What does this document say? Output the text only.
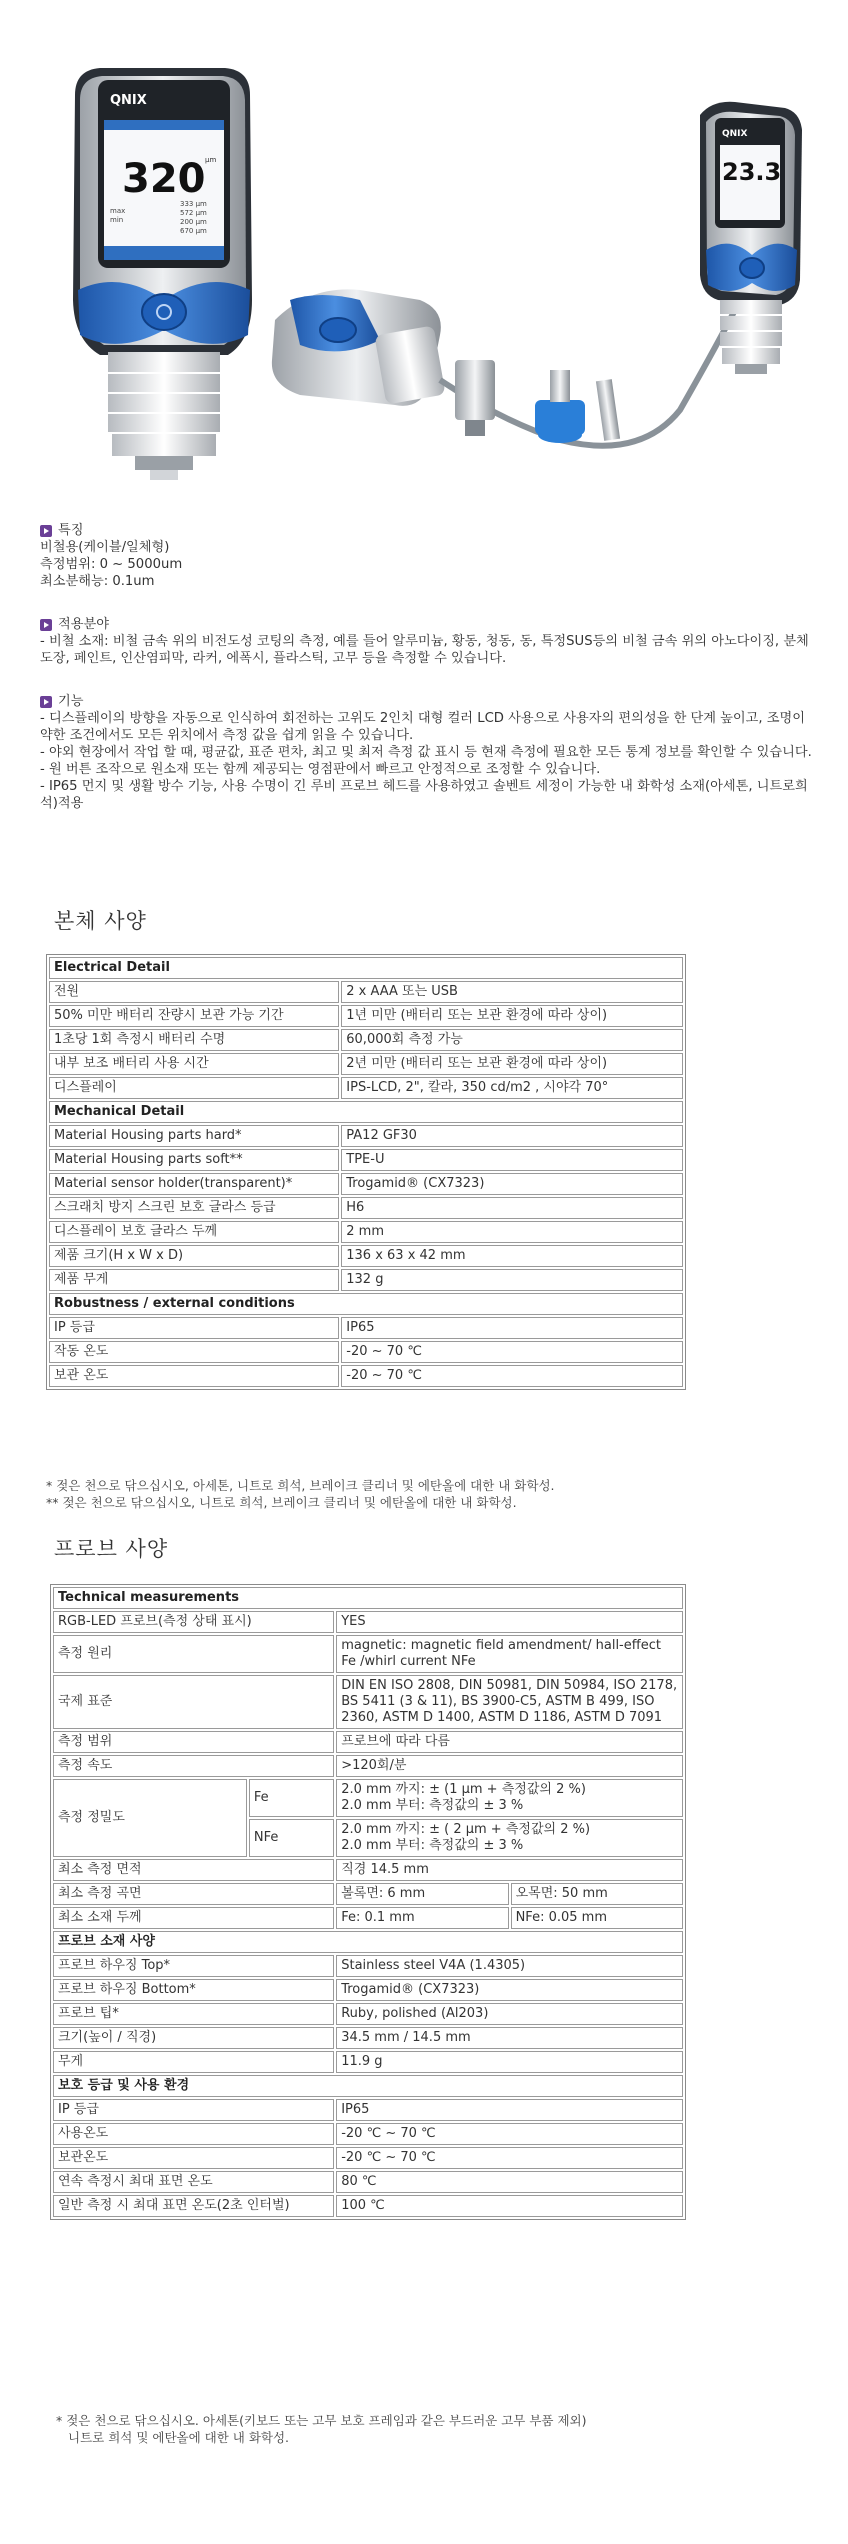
QNIX
320 µm
max
min
333 µm
572 µm
200 µm
670 µm
QNIX
23.3
특징

비철용(케이블/일체형)

측정범위: 0 ~ 5000um

최소분해능: 0.1um

적용분야

- 비철 소재: 비철 금속 위의 비전도성 코팅의 측정, 예를 들어 알루미늄, 황동, 청동, 동, 특정SUS등의 비철 금속 위의 아노다이징, 분체도장, 페인트, 인산염피막, 라커, 에폭시, 플라스틱, 고무 등을 측정할 수 있습니다.

기능

- 디스플레이의 방향을 자동으로 인식하여 회전하는 고위도 2인치 대형 컬러 LCD 사용으로 사용자의 편의성을 한 단계 높이고, 조명이 약한 조건에서도 모든 위치에서 측정 값을 쉽게 읽을 수 있습니다.

- 야외 현장에서 작업 할 때, 평균값, 표준 편차, 최고 및 최저 측정 값 표시 등 현재 측정에 필요한 모든 통계 정보를 확인할 수 있습니다.

- 원 버튼 조작으로 원소재 또는 함께 제공되는 영점판에서 빠르고 안정적으로 조정할 수 있습니다.

- IP65 먼지 및 생활 방수 기능, 사용 수명이 긴 루비 프로브 헤드를 사용하였고 솔벤트 세정이 가능한 내 화학성 소재(아세톤, 니트로희석)적용

본체 사양
Electrical Detail	
전원	2 x AAA 또는 USB
50% 미만 배터리 잔량시 보관 가능 기간	1년 미만 (배터리 또는 보관 환경에 따라 상이)
1초당 1회 측정시 배터리 수명	60,000회 측정 가능
내부 보조 배터리 사용 시간	2년 미만 (배터리 또는 보관 환경에 따라 상이)
디스플레이	IPS-LCD, 2", 칼라, 350 cd/m2 , 시야각 70°
Mechanical Detail	
Material Housing parts hard*	PA12 GF30
Material Housing parts soft**	TPE-U
Material sensor holder(transparent)*	Trogamid® (CX7323)
스크래치 방지 스크린 보호 글라스 등급	H6
디스플레이 보호 글라스 두께	2 mm
제품 크기(H x W x D)	136 x 63 x 42 mm
제품 무게	132 g
Robustness / external conditions	
IP 등급	IP65
작동 온도	-20 ~ 70 ℃
보관 온도	-20 ~ 70 ℃
* 젖은 천으로 닦으십시오, 아세톤, 니트로 희석, 브레이크 클리너 및 에탄올에 대한 내 화학성.
** 젖은 천으로 닦으십시오, 니트로 희석, 브레이크 클리너 및 에탄올에 대한 내 화학성.
프로브 사양
Technical measurements			
RGB-LED 프로브(측정 상태 표시)		YES	
측정 원리		magnetic: magnetic field amendment/ hall-effect Fe /whirl current NFe	
국제 표준		DIN EN ISO 2808, DIN 50981, DIN 50984, ISO 2178, BS 5411 (3 & 11), BS 3900-C5, ASTM B 499, ISO 2360, ASTM D 1400, ASTM D 1186, ASTM D 7091	
측정 범위		프로브에 따라 다름	
측정 속도		>120회/분	
측정 정밀도	Fe	2.0 mm 까지: ± (1 µm + 측정값의 2 %)
2.0 mm 부터: 측정값의 ± 3 %	

	NFe	2.0 mm 까지: ± ( 2 µm + 측정값의 2 %)
2.0 mm 부터: 측정값의 ± 3 %	

최소 측정 면적		직경 14.5 mm	
최소 측정 곡면		볼록면: 6 mm	오목면: 50 mm
최소 소재 두께		Fe: 0.1 mm	NFe: 0.05 mm
프로브 소재 사양			
프로브 하우징 Top*		Stainless steel V4A (1.4305)	
프로브 하우징 Bottom*		Trogamid® (CX7323)	
프로브 팁*		Ruby, polished (Al203)	
크기(높이 / 직경)		34.5 mm / 14.5 mm	
무게		11.9 g	
보호 등급 및 사용 환경			
IP 등급		IP65	
사용온도		-20 ℃ ~ 70 ℃	
보관온도		-20 ℃ ~ 70 ℃	
연속 측정시 최대 표면 온도		80 ℃	
일반 측정 시 최대 표면 온도(2초 인터벌)		100 ℃	
* 젖은 천으로 닦으십시오. 아세톤(키보드 또는 고무 보호 프레임과 같은 부드러운 고무 부품 제외)
니트로 희석 및 에탄올에 대한 내 화학성.
